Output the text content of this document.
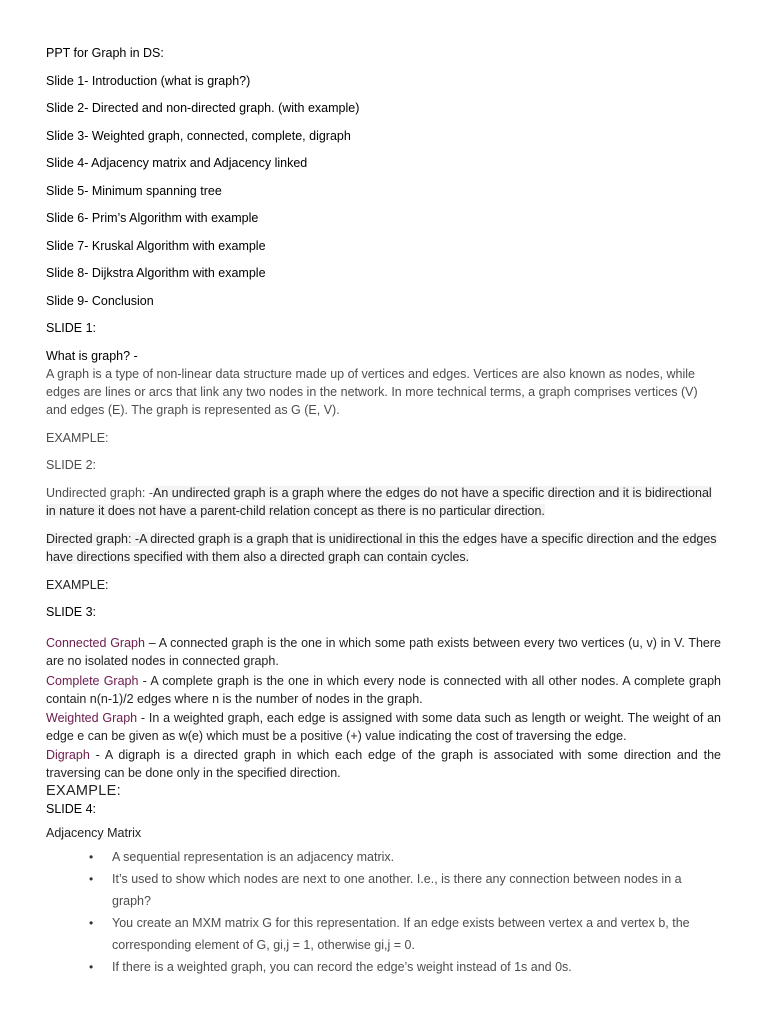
PPT for Graph in DS:

Slide 1- Introduction (what is graph?)

Slide 2- Directed and non-directed graph. (with example)

Slide 3- Weighted graph, connected, complete, digraph

Slide 4- Adjacency matrix and Adjacency linked

Slide 5- Minimum spanning tree

Slide 6- Prim’s Algorithm with example

Slide 7- Kruskal Algorithm with example

Slide 8- Dijkstra Algorithm with example

Slide 9- Conclusion

SLIDE 1:

What is graph? -

A graph is a type of non-linear data structure made up of vertices and edges. Vertices are also known as nodes, while edges are lines or arcs that link any two nodes in the network. In more technical terms, a graph comprises vertices (V) and edges (E). The graph is represented as G (E, V).

EXAMPLE:

SLIDE 2:

Undirected graph: -An undirected graph is a graph where the edges do not have a specific direction and it is bidirectional in nature it does not have a parent-child relation concept as there is no particular direction.

Directed graph: -A directed graph is a graph that is unidirectional in this the edges have a specific direction and the edges have directions specified with them also a directed graph can contain cycles.

EXAMPLE:

SLIDE 3:

Connected Graph – A connected graph is the one in which some path exists between every two vertices (u, v) in V. There are no isolated nodes in connected graph.

Complete Graph - A complete graph is the one in which every node is connected with all other nodes. A complete graph contain n(n-1)/2 edges where n is the number of nodes in the graph.

Weighted Graph - In a weighted graph, each edge is assigned with some data such as length or weight. The weight of an edge e can be given as w(e) which must be a positive (+) value indicating the cost of traversing the edge.

Digraph - A digraph is a directed graph in which each edge of the graph is associated with some direction and the traversing can be done only in the specified direction.

EXAMPLE:

SLIDE 4:

Adjacency Matrix

• A sequential representation is an adjacency matrix.
• It’s used to show which nodes are next to one another. I.e., is there any connection between nodes in a graph?
• You create an MXM matrix G for this representation. If an edge exists between vertex a and vertex b, the corresponding element of G, gi,j = 1, otherwise gi,j = 0.
• If there is a weighted graph, you can record the edge’s weight instead of 1s and 0s.
